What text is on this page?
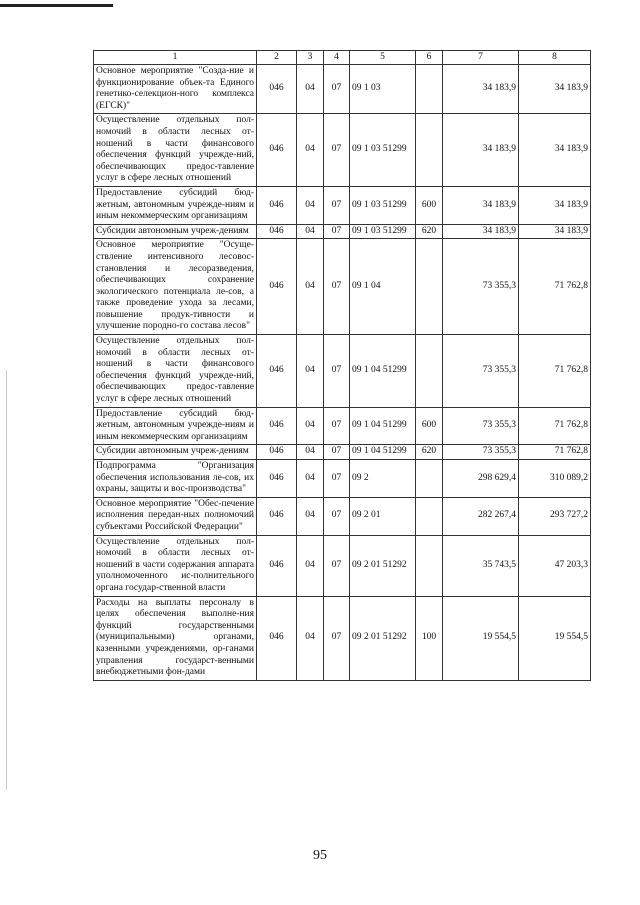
1	2	3	4	5	6	7	8
Основное мероприятие "Созда-ние и функционирование объек-та Единого генетико-селекцион-ного комплекса (ЕГСК)"	046	04	07	09 1 03		34 183,9	34 183,9
Осуществление отдельных пол-номочий в области лесных от-ношений в части финансового обеспечения функций учрежде-ний, обеспечивающих предос-тавление услуг в сфере лесных отношений	046	04	07	09 1 03 51299		34 183,9	34 183,9
Предоставление субсидий бюд-жетным, автономным учрежде-ниям и иным некоммерческим организациям	046	04	07	09 1 03 51299	600	34 183,9	34 183,9
Субсидии автономным учреж-дениям	046	04	07	09 1 03 51299	620	34 183,9	34 183,9
Основное мероприятие "Осуще-ствление интенсивного лесовос-становления и лесоразведения, обеспечивающих сохранение экологического потенциала ле-сов, а также проведение ухода за лесами, повышение продук-тивности и улучшение породно-го состава лесов"	046	04	07	09 1 04		73 355,3	71 762,8
Осуществление отдельных пол-номочий в области лесных от-ношений в части финансового обеспечения функций учрежде-ний, обеспечивающих предос-тавление услуг в сфере лесных отношений	046	04	07	09 1 04 51299		73 355,3	71 762,8
Предоставление субсидий бюд-жетным, автономным учрежде-ниям и иным некоммерческим организациям	046	04	07	09 1 04 51299	600	73 355,3	71 762,8
Субсидии автономным учреж-дениям	046	04	07	09 1 04 51299	620	73 355,3	71 762,8
Подпрограмма "Организация обеспечения использования ле-сов, их охраны, защиты и вос-производства"	046	04	07	09 2		298 629,4	310 089,2
Основное мероприятие "Обес-печение исполнения передан-ных полномочий субъектами Российской Федерации"	046	04	07	09 2 01		282 267,4	293 727,2
Осуществление отдельных пол-номочий в области лесных от-ношений в части содержания аппарата уполномоченного ис-полнительного органа государ-ственной власти	046	04	07	09 2 01 51292		35 743,5	47 203,3
Расходы на выплаты персоналу в целях обеспечения выполне-ния функций государственными (муниципальными) органами, казенными учреждениями, ор-ганами управления государст-венными внебюджетными фон-дами	046	04	07	09 2 01 51292	100	19 554,5	19 554,5
95
